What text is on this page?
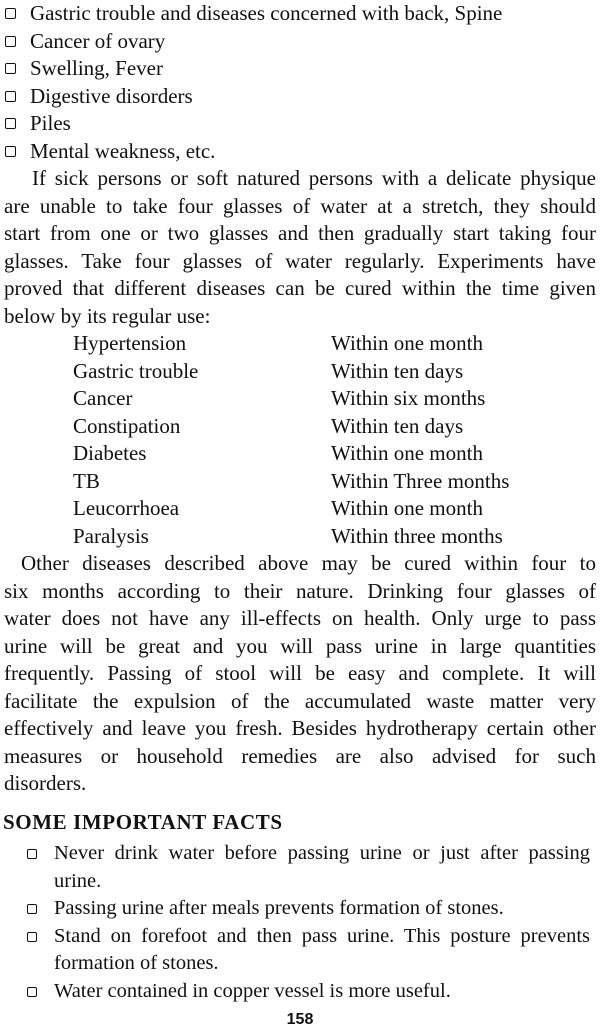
Gastric trouble and diseases concerned with back, Spine
Cancer of ovary
Swelling, Fever
Digestive disorders
Piles
Mental weakness, etc.
If sick persons or soft natured persons with a delicate physique
are unable to take four glasses of water at a stretch, they should
start from one or two glasses and then gradually start taking four
glasses. Take four glasses of water regularly. Experiments have
proved that different diseases can be cured within the time given
below by its regular use:
Hypertension	Within one month
Gastric trouble	Within ten days
Cancer	Within six months
Constipation	Within ten days
Diabetes	Within one month
TB	Within Three months
Leucorrhoea	Within one month
Paralysis	Within three months
Other diseases described above may be cured within four to
six months according to their nature. Drinking four glasses of
water does not have any ill-effects on health. Only urge to pass
urine will be great and you will pass urine in large quantities
frequently. Passing of stool will be easy and complete. It will
facilitate the expulsion of the accumulated waste matter very
effectively and leave you fresh. Besides hydrotherapy certain other
measures or household remedies are also advised for such
disorders.
SOME IMPORTANT FACTS
Never drink water before passing urine or just after passing
urine.
Passing urine after meals prevents formation of stones.
Stand on forefoot and then pass urine. This posture prevents
formation of stones.
Water contained in copper vessel is more useful.
158
